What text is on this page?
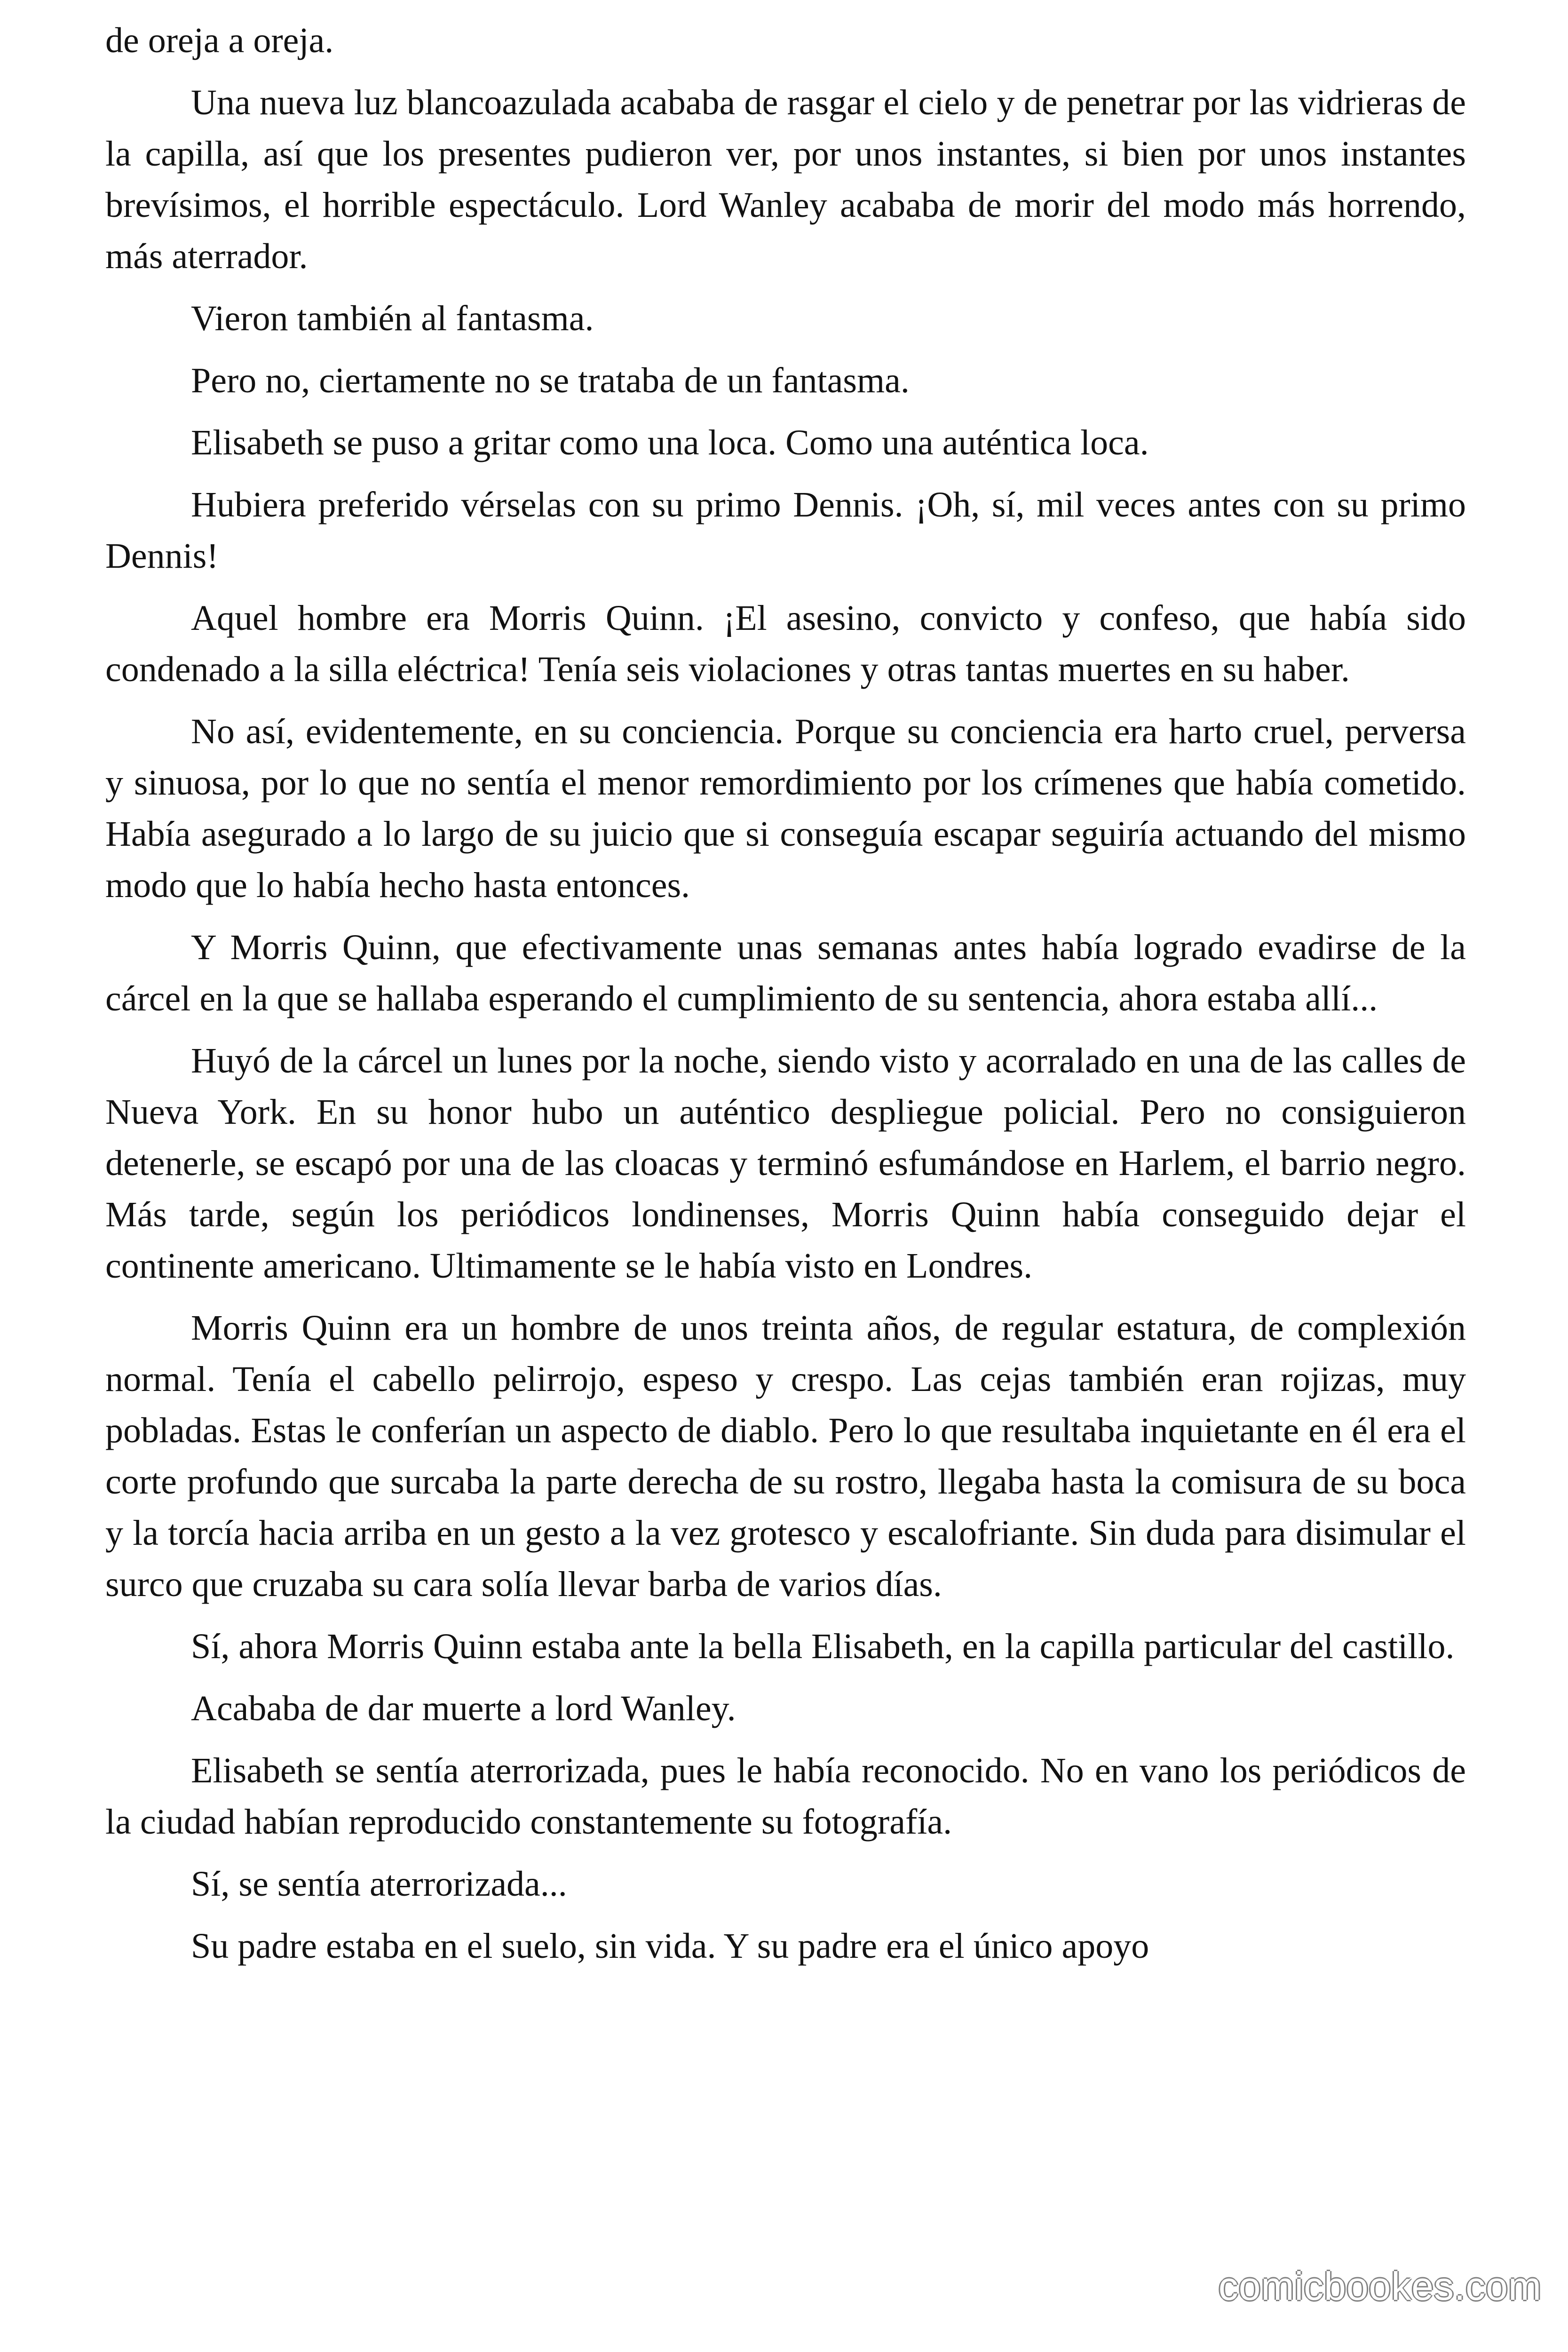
de oreja a oreja.

Una nueva luz blancoazulada acababa de rasgar el cielo y de penetrar por las vidrieras de la capilla, así que los presentes pudieron ver, por unos instantes, si bien por unos instantes brevísimos, el horrible espectáculo. Lord Wanley acababa de morir del modo más horrendo, más aterrador.

Vieron también al fantasma.

Pero no, ciertamente no se trataba de un fantasma.

Elisabeth se puso a gritar como una loca. Como una auténtica loca.

Hubiera preferido vérselas con su primo Dennis. ¡Oh, sí, mil veces antes con su primo Dennis!

Aquel hombre era Morris Quinn. ¡El asesino, convicto y confeso, que había sido condenado a la silla eléctrica! Tenía seis violaciones y otras tantas muertes en su haber.

No así, evidentemente, en su conciencia. Porque su conciencia era harto cruel, perversa y sinuosa, por lo que no sentía el menor remordimiento por los crímenes que había cometido. Había asegurado a lo largo de su juicio que si conseguía escapar seguiría actuando del mismo modo que lo había hecho hasta entonces.

Y Morris Quinn, que efectivamente unas semanas antes había logrado evadirse de la cárcel en la que se hallaba esperando el cumplimiento de su sentencia, ahora estaba allí...

Huyó de la cárcel un lunes por la noche, siendo visto y acorralado en una de las calles de Nueva York. En su honor hubo un auténtico despliegue policial. Pero no consiguieron detenerle, se escapó por una de las cloacas y terminó esfumándose en Harlem, el barrio negro. Más tarde, según los periódicos londinenses, Morris Quinn había conseguido dejar el continente americano. Ultimamente se le había visto en Londres.

Morris Quinn era un hombre de unos treinta años, de regular estatura, de complexión normal. Tenía el cabello pelirrojo, espeso y crespo. Las cejas también eran rojizas, muy pobladas. Estas le conferían un aspecto de diablo. Pero lo que resultaba inquietante en él era el corte profundo que surcaba la parte derecha de su rostro, llegaba hasta la comisura de su boca y la torcía hacia arriba en un gesto a la vez grotesco y escalofriante. Sin duda para disimular el surco que cruzaba su cara solía llevar barba de varios días.

Sí, ahora Morris Quinn estaba ante la bella Elisabeth, en la capilla particular del castillo.

Acababa de dar muerte a lord Wanley.

Elisabeth se sentía aterrorizada, pues le había reconocido. No en vano los periódicos de la ciudad habían reproducido constantemente su fotografía.

Sí, se sentía aterrorizada...

Su padre estaba en el suelo, sin vida. Y su padre era el único apoyo

comicbookes.com
